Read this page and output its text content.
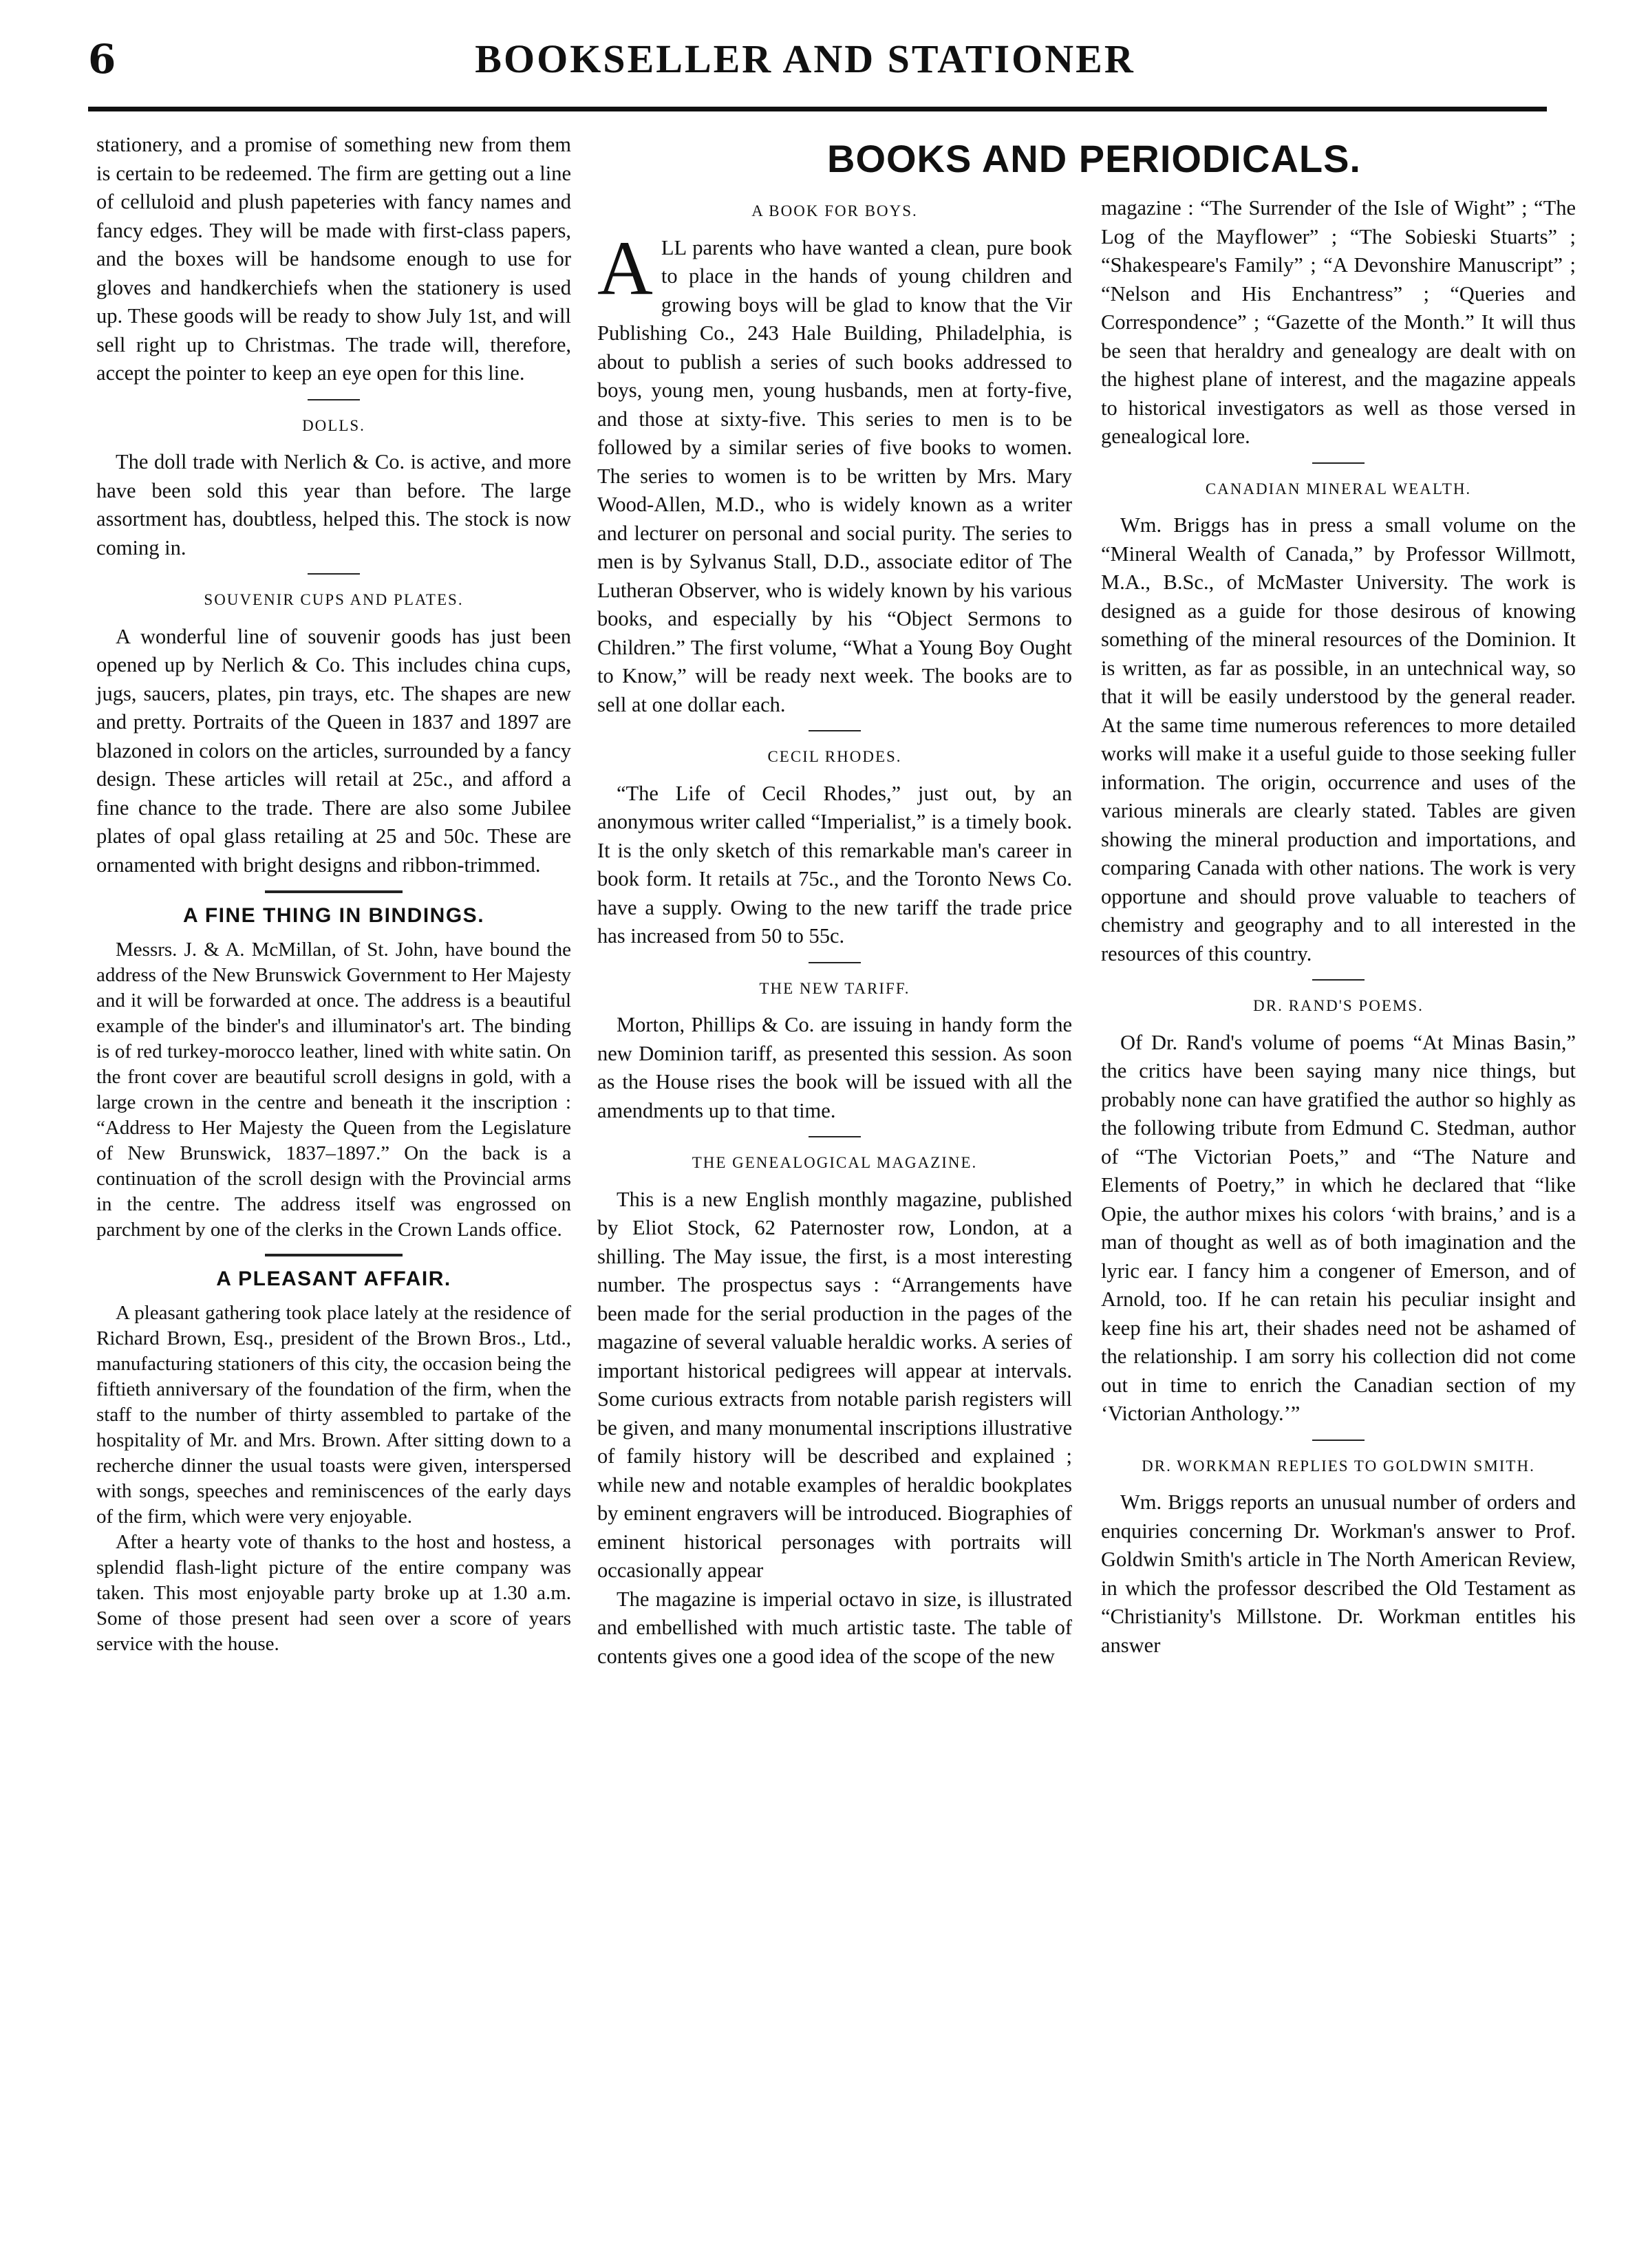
6	BOOKSELLER AND STATIONER
BOOKS AND PERIODICALS.

stationery, and a promise of something new from them is certain to be redeemed. The firm are getting out a line of celluloid and plush papeteries with fancy names and fancy edges. They will be made with first-class papers, and the boxes will be handsome enough to use for gloves and handkerchiefs when the stationery is used up. These goods will be ready to show July 1st, and will sell right up to Christmas. The trade will, therefore, accept the pointer to keep an eye open for this line.

DOLLS.

The doll trade with Nerlich & Co. is active, and more have been sold this year than before. The large assortment has, doubtless, helped this. The stock is now coming in.

SOUVENIR CUPS AND PLATES.

A wonderful line of souvenir goods has just been opened up by Nerlich & Co. This includes china cups, jugs, saucers, plates, pin trays, etc. The shapes are new and pretty. Portraits of the Queen in 1837 and 1897 are blazoned in colors on the articles, surrounded by a fancy design. These articles will retail at 25c., and afford a fine chance to the trade. There are also some Jubilee plates of opal glass retailing at 25 and 50c. These are ornamented with bright designs and ribbon-trimmed.

A FINE THING IN BINDINGS.

Messrs. J. & A. McMillan, of St. John, have bound the address of the New Brunswick Government to Her Majesty and it will be forwarded at once. The address is a beautiful example of the binder's and illuminator's art. The binding is of red turkey-morocco leather, lined with white satin. On the front cover are beautiful scroll designs in gold, with a large crown in the centre and beneath it the inscription : “Address to Her Majesty the Queen from the Legislature of New Brunswick, 1837–1897.” On the back is a continuation of the scroll design with the Provincial arms in the centre. The address itself was engrossed on parchment by one of the clerks in the Crown Lands office.

A PLEASANT AFFAIR.

A pleasant gathering took place lately at the residence of Richard Brown, Esq., president of the Brown Bros., Ltd., manufacturing stationers of this city, the occasion being the fiftieth anniversary of the foundation of the firm, when the staff to the number of thirty assembled to partake of the hospitality of Mr. and Mrs. Brown. After sitting down to a recherche dinner the usual toasts were given, interspersed with songs, speeches and reminiscences of the early days of the firm, which were very enjoyable.

After a hearty vote of thanks to the host and hostess, a splendid flash-light picture of the entire company was taken. This most enjoyable party broke up at 1.30 a.m. Some of those present had seen over a score of years service with the house.

A BOOK FOR BOYS.

ALL parents who have wanted a clean, pure book to place in the hands of young children and growing boys will be glad to know that the Vir Publishing Co., 243 Hale Building, Philadelphia, is about to publish a series of such books addressed to boys, young men, young husbands, men at forty-five, and those at sixty-five. This series to men is to be followed by a similar series of five books to women. The series to women is to be written by Mrs. Mary Wood-Allen, M.D., who is widely known as a writer and lecturer on personal and social purity. The series to men is by Sylvanus Stall, D.D., associate editor of The Lutheran Observer, who is widely known by his various books, and especially by his “Object Sermons to Children.” The first volume, “What a Young Boy Ought to Know,” will be ready next week. The books are to sell at one dollar each.

CECIL RHODES.

“The Life of Cecil Rhodes,” just out, by an anonymous writer called “Imperialist,” is a timely book. It is the only sketch of this remarkable man's career in book form. It retails at 75c., and the Toronto News Co. have a supply. Owing to the new tariff the trade price has increased from 50 to 55c.

THE NEW TARIFF.

Morton, Phillips & Co. are issuing in handy form the new Dominion tariff, as presented this session. As soon as the House rises the book will be issued with all the amendments up to that time.

THE GENEALOGICAL MAGAZINE.

This is a new English monthly magazine, published by Eliot Stock, 62 Paternoster row, London, at a shilling. The May issue, the first, is a most interesting number. The prospectus says : “Arrangements have been made for the serial production in the pages of the magazine of several valuable heraldic works. A series of important historical pedigrees will appear at intervals. Some curious extracts from notable parish registers will be given, and many monumental inscriptions illustrative of family history will be described and explained ; while new and notable examples of heraldic bookplates by eminent engravers will be introduced. Biographies of eminent historical personages with portraits will occasionally appear

The magazine is imperial octavo in size, is illustrated and embellished with much artistic taste. The table of contents gives one a good idea of the scope of the new

magazine : “The Surrender of the Isle of Wight” ; “The Log of the Mayflower” ; “The Sobieski Stuarts” ; “Shakespeare's Family” ; “A Devonshire Manuscript” ; “Nelson and His Enchantress” ; “Queries and Correspondence” ; “Gazette of the Month.” It will thus be seen that heraldry and genealogy are dealt with on the highest plane of interest, and the magazine appeals to historical investigators as well as those versed in genealogical lore.

CANADIAN MINERAL WEALTH.

Wm. Briggs has in press a small volume on the “Mineral Wealth of Canada,” by Professor Willmott, M.A., B.Sc., of McMaster University. The work is designed as a guide for those desirous of knowing something of the mineral resources of the Dominion. It is written, as far as possible, in an untechnical way, so that it will be easily understood by the general reader. At the same time numerous references to more detailed works will make it a useful guide to those seeking fuller information. The origin, occurrence and uses of the various minerals are clearly stated. Tables are given showing the mineral production and importations, and comparing Canada with other nations. The work is very opportune and should prove valuable to teachers of chemistry and geography and to all interested in the resources of this country.

DR. RAND'S POEMS.

Of Dr. Rand's volume of poems “At Minas Basin,” the critics have been saying many nice things, but probably none can have gratified the author so highly as the following tribute from Edmund C. Stedman, author of “The Victorian Poets,” and “The Nature and Elements of Poetry,” in which he declared that “like Opie, the author mixes his colors ‘with brains,’ and is a man of thought as well as of both imagination and the lyric ear. I fancy him a congener of Emerson, and of Arnold, too. If he can retain his peculiar insight and keep fine his art, their shades need not be ashamed of the relationship. I am sorry his collection did not come out in time to enrich the Canadian section of my ‘Victorian Anthology.’”

DR. WORKMAN REPLIES TO GOLDWIN SMITH.

Wm. Briggs reports an unusual number of orders and enquiries concerning Dr. Workman's answer to Prof. Goldwin Smith's article in The North American Review, in which the professor described the Old Testament as “Christianity's Millstone. Dr. Workman entitles his answer
